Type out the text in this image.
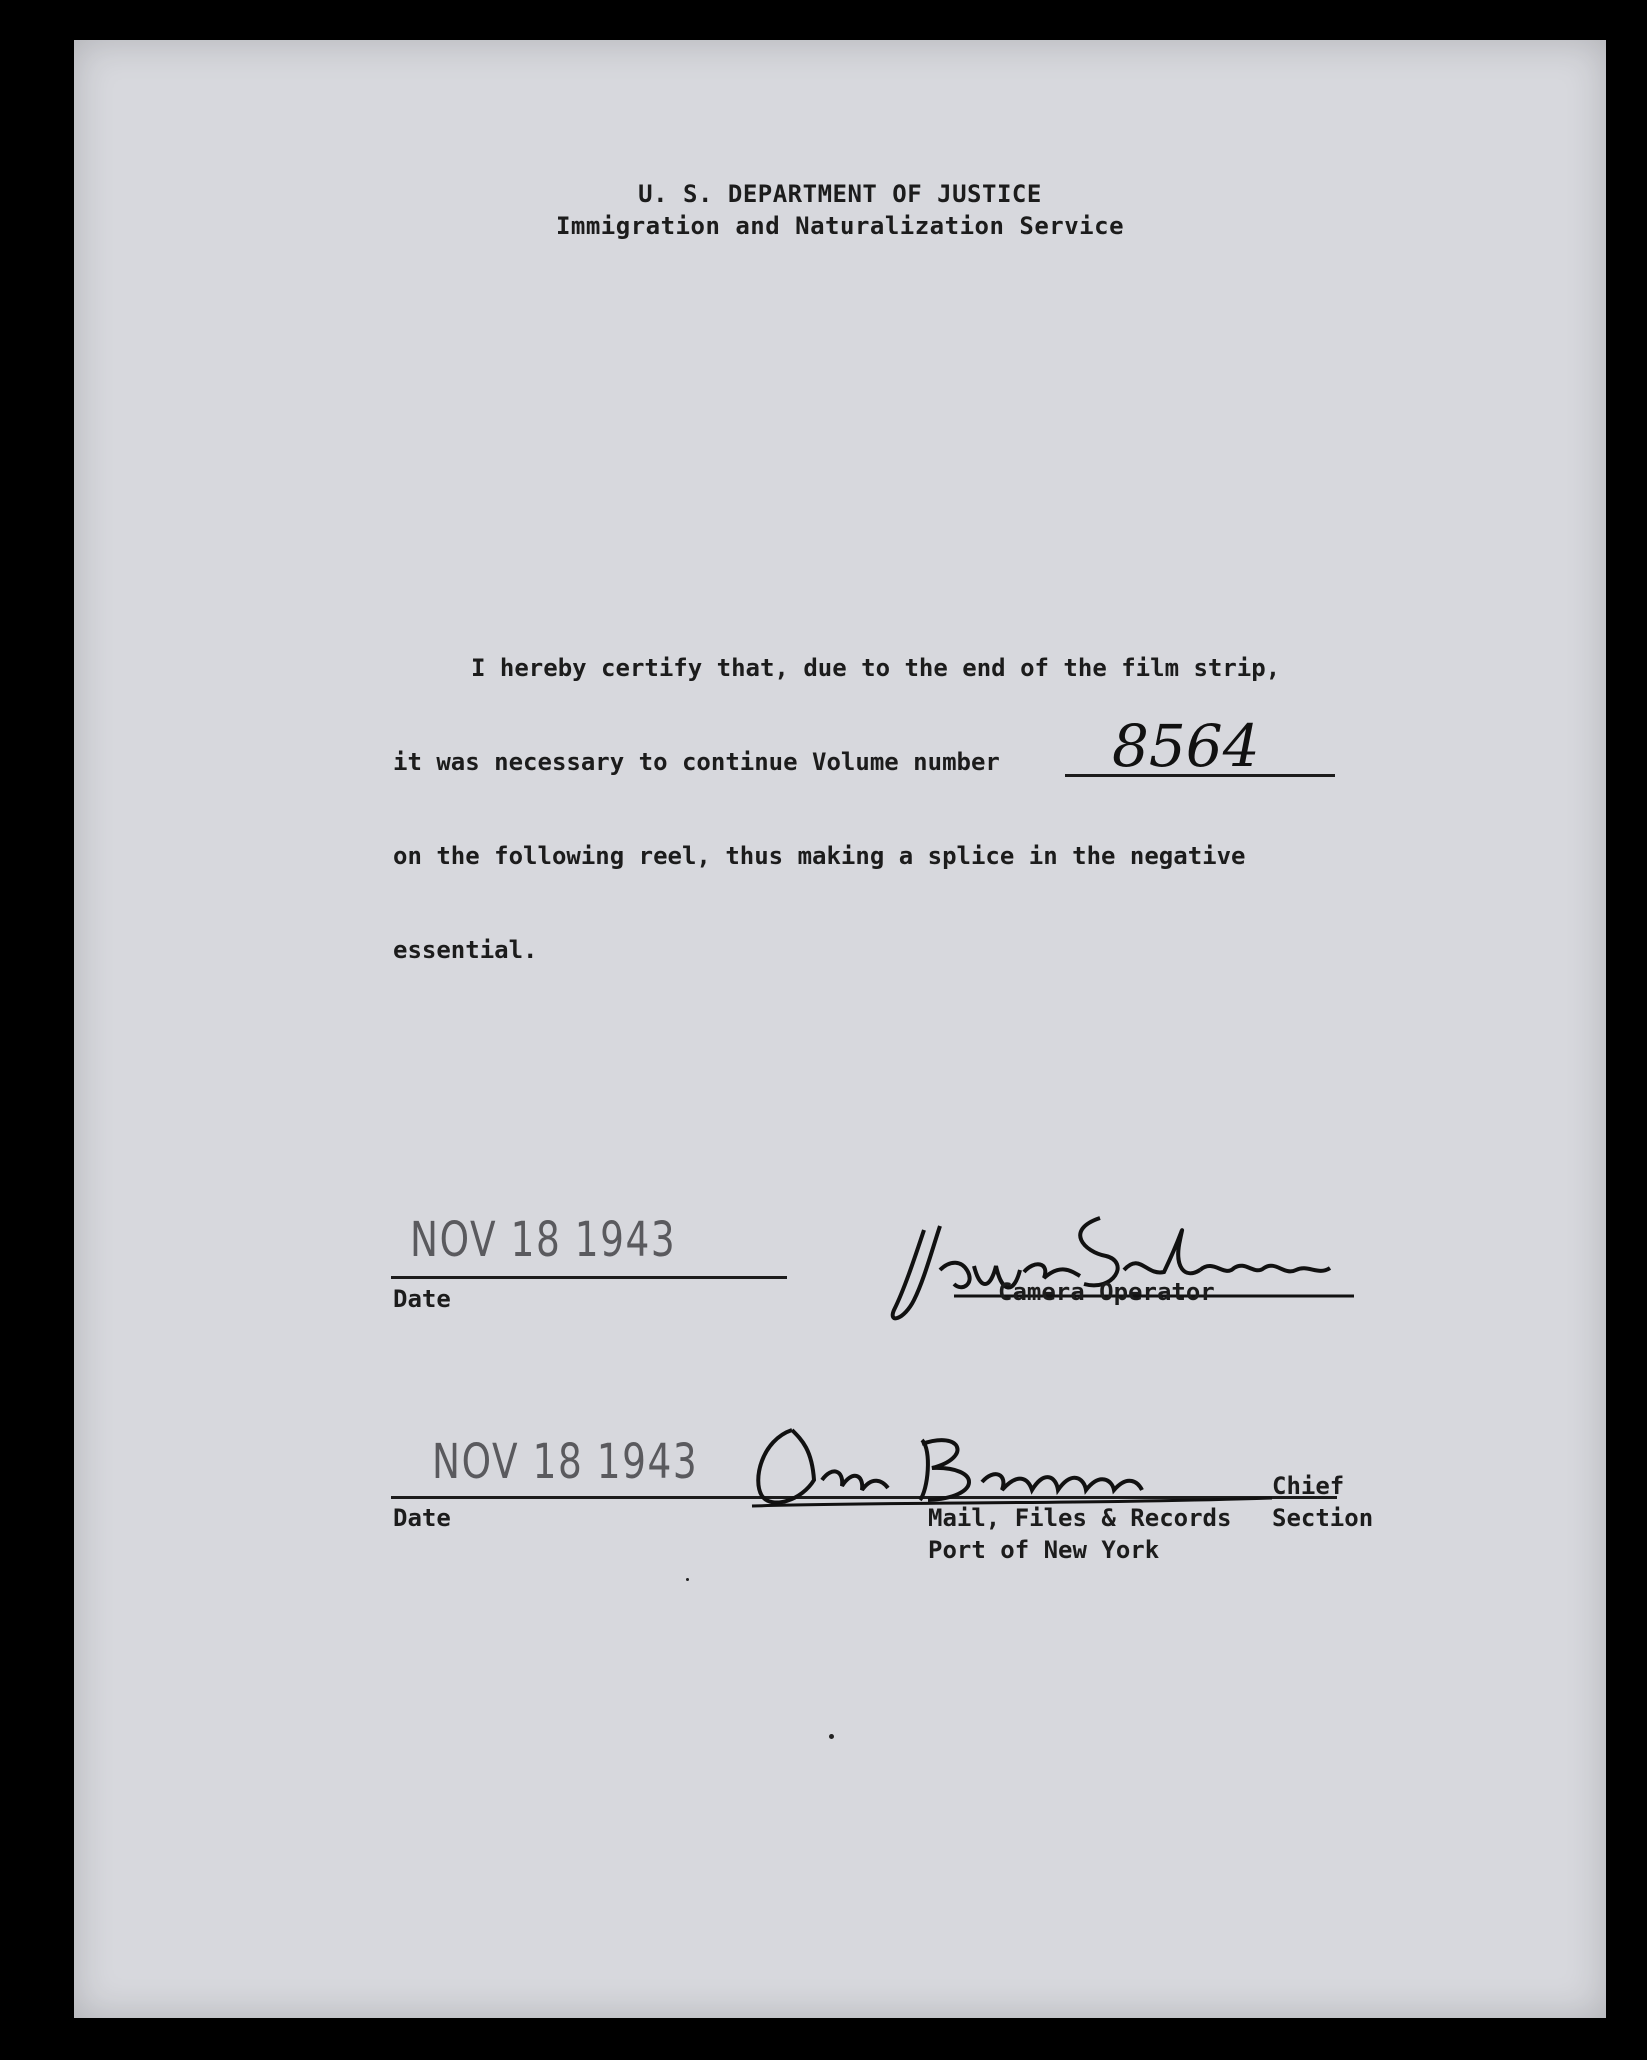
U. S. DEPARTMENT OF JUSTICE
Immigration and Naturalization Service
I hereby certify that, due to the end of the film strip,
it was necessary to continue Volume number 8564
on the following reel, thus making a splice in the negative
essential.
NOV 18 1943
Date	Camera Operator
NOV 18 1943
Date
Chief
Mail, Files & Records Section
Port of New York
